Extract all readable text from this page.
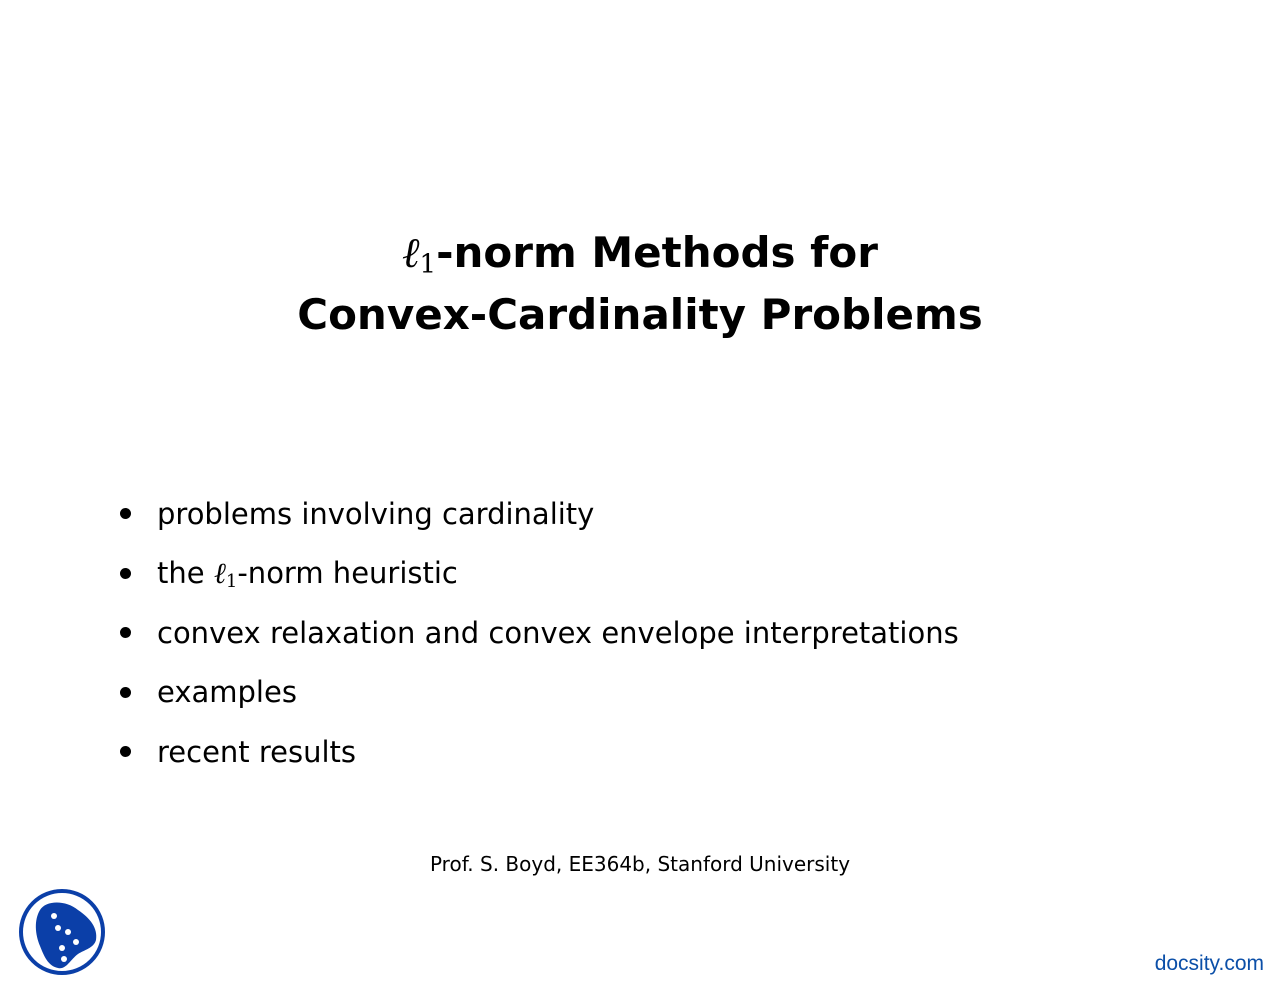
ℓ$_1$-norm Methods for
Convex-Cardinality Problems
problems involving cardinality
the ℓ$_1$-norm heuristic
convex relaxation and convex envelope interpretations
examples
recent results
Prof. S. Boyd, EE364b, Stanford University
docsity.com
